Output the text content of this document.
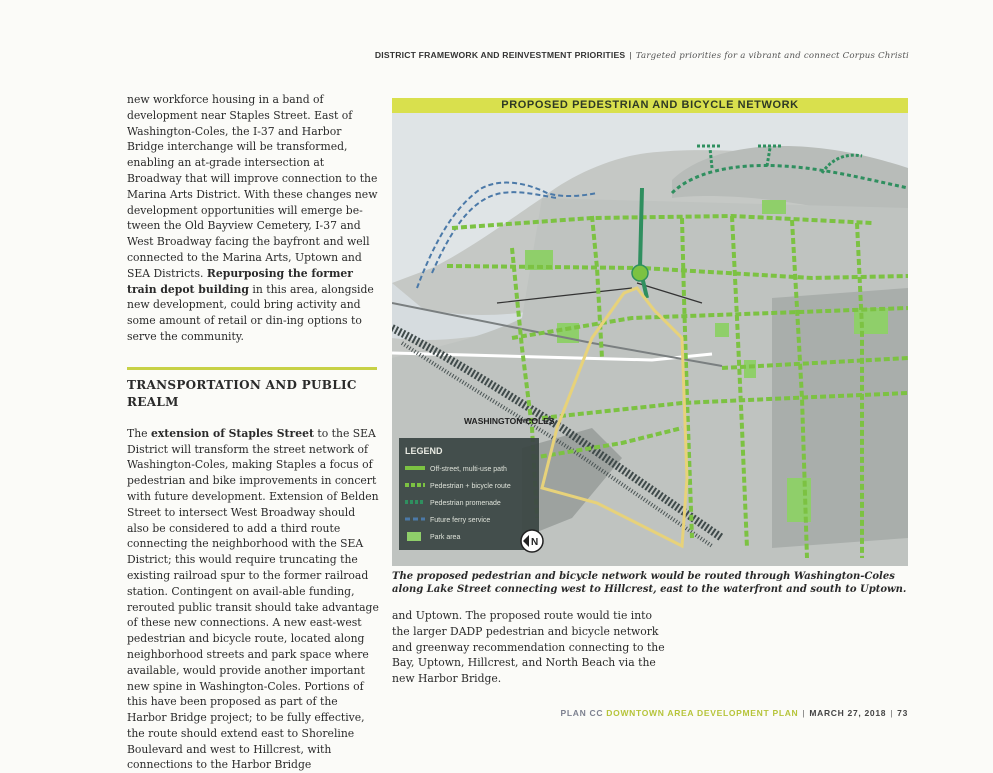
DISTRICT FRAMEWORK AND REINVESTMENT PRIORITIES | Targeted priorities for a vibrant and connect Corpus Christi

new workforce housing in a band of development near Staples Street. East of Washington-Coles, the I-37 and Harbor Bridge interchange will be transformed, enabling an at-grade intersection at Broadway that will improve connection to the Marina Arts District. With these changes new development opportunities will emerge be-tween the Old Bayview Cemetery, I-37 and West Broadway facing the bayfront and well connected to the Marina Arts, Uptown and SEA Districts. Repurposing the former train depot building in this area, alongside new development, could bring activity and some amount of retail or din-ing options to serve the community.

TRANSPORTATION AND PUBLIC REALM

The extension of Staples Street to the SEA District will transform the street network of Washington-Coles, making Staples a focus of pedestrian and bike improvements in concert with future development. Extension of Belden Street to intersect West Broadway should also be considered to add a third route connecting the neighborhood with the SEA District; this would require truncating the existing railroad spur to the former railroad station. Contingent on avail-able funding, rerouted public transit should take advantage of these new connections. A new east-west pedestrian and bicycle route, located along neighborhood streets and park space where available, would provide another important new spine in Washington-Coles. Portions of this have been proposed as part of the Harbor Bridge project; to be fully effective, the route should extend east to Shoreline Boulevard and west to Hillcrest, with connections to the Harbor Bridge

PROPOSED PEDESTRIAN AND BICYCLE NETWORK
WASHINGTON-COLES
LEGEND
Off-street, multi-use path
Pedestrian + bicycle route
Pedestrian promenade
Future ferry service
Park area	N
The proposed pedestrian and bicycle network would be routed through Washington-Coles along Lake Street connecting west to Hillcrest, east to the waterfront and south to Uptown.

and Uptown. The proposed route would tie into the larger DADP pedestrian and bicycle network and greenway recommendation connecting to the Bay, Uptown, Hillcrest, and North Beach via the new Harbor Bridge.

PLAN CC DOWNTOWN AREA DEVELOPMENT PLAN | MARCH 27, 2018 | 73
